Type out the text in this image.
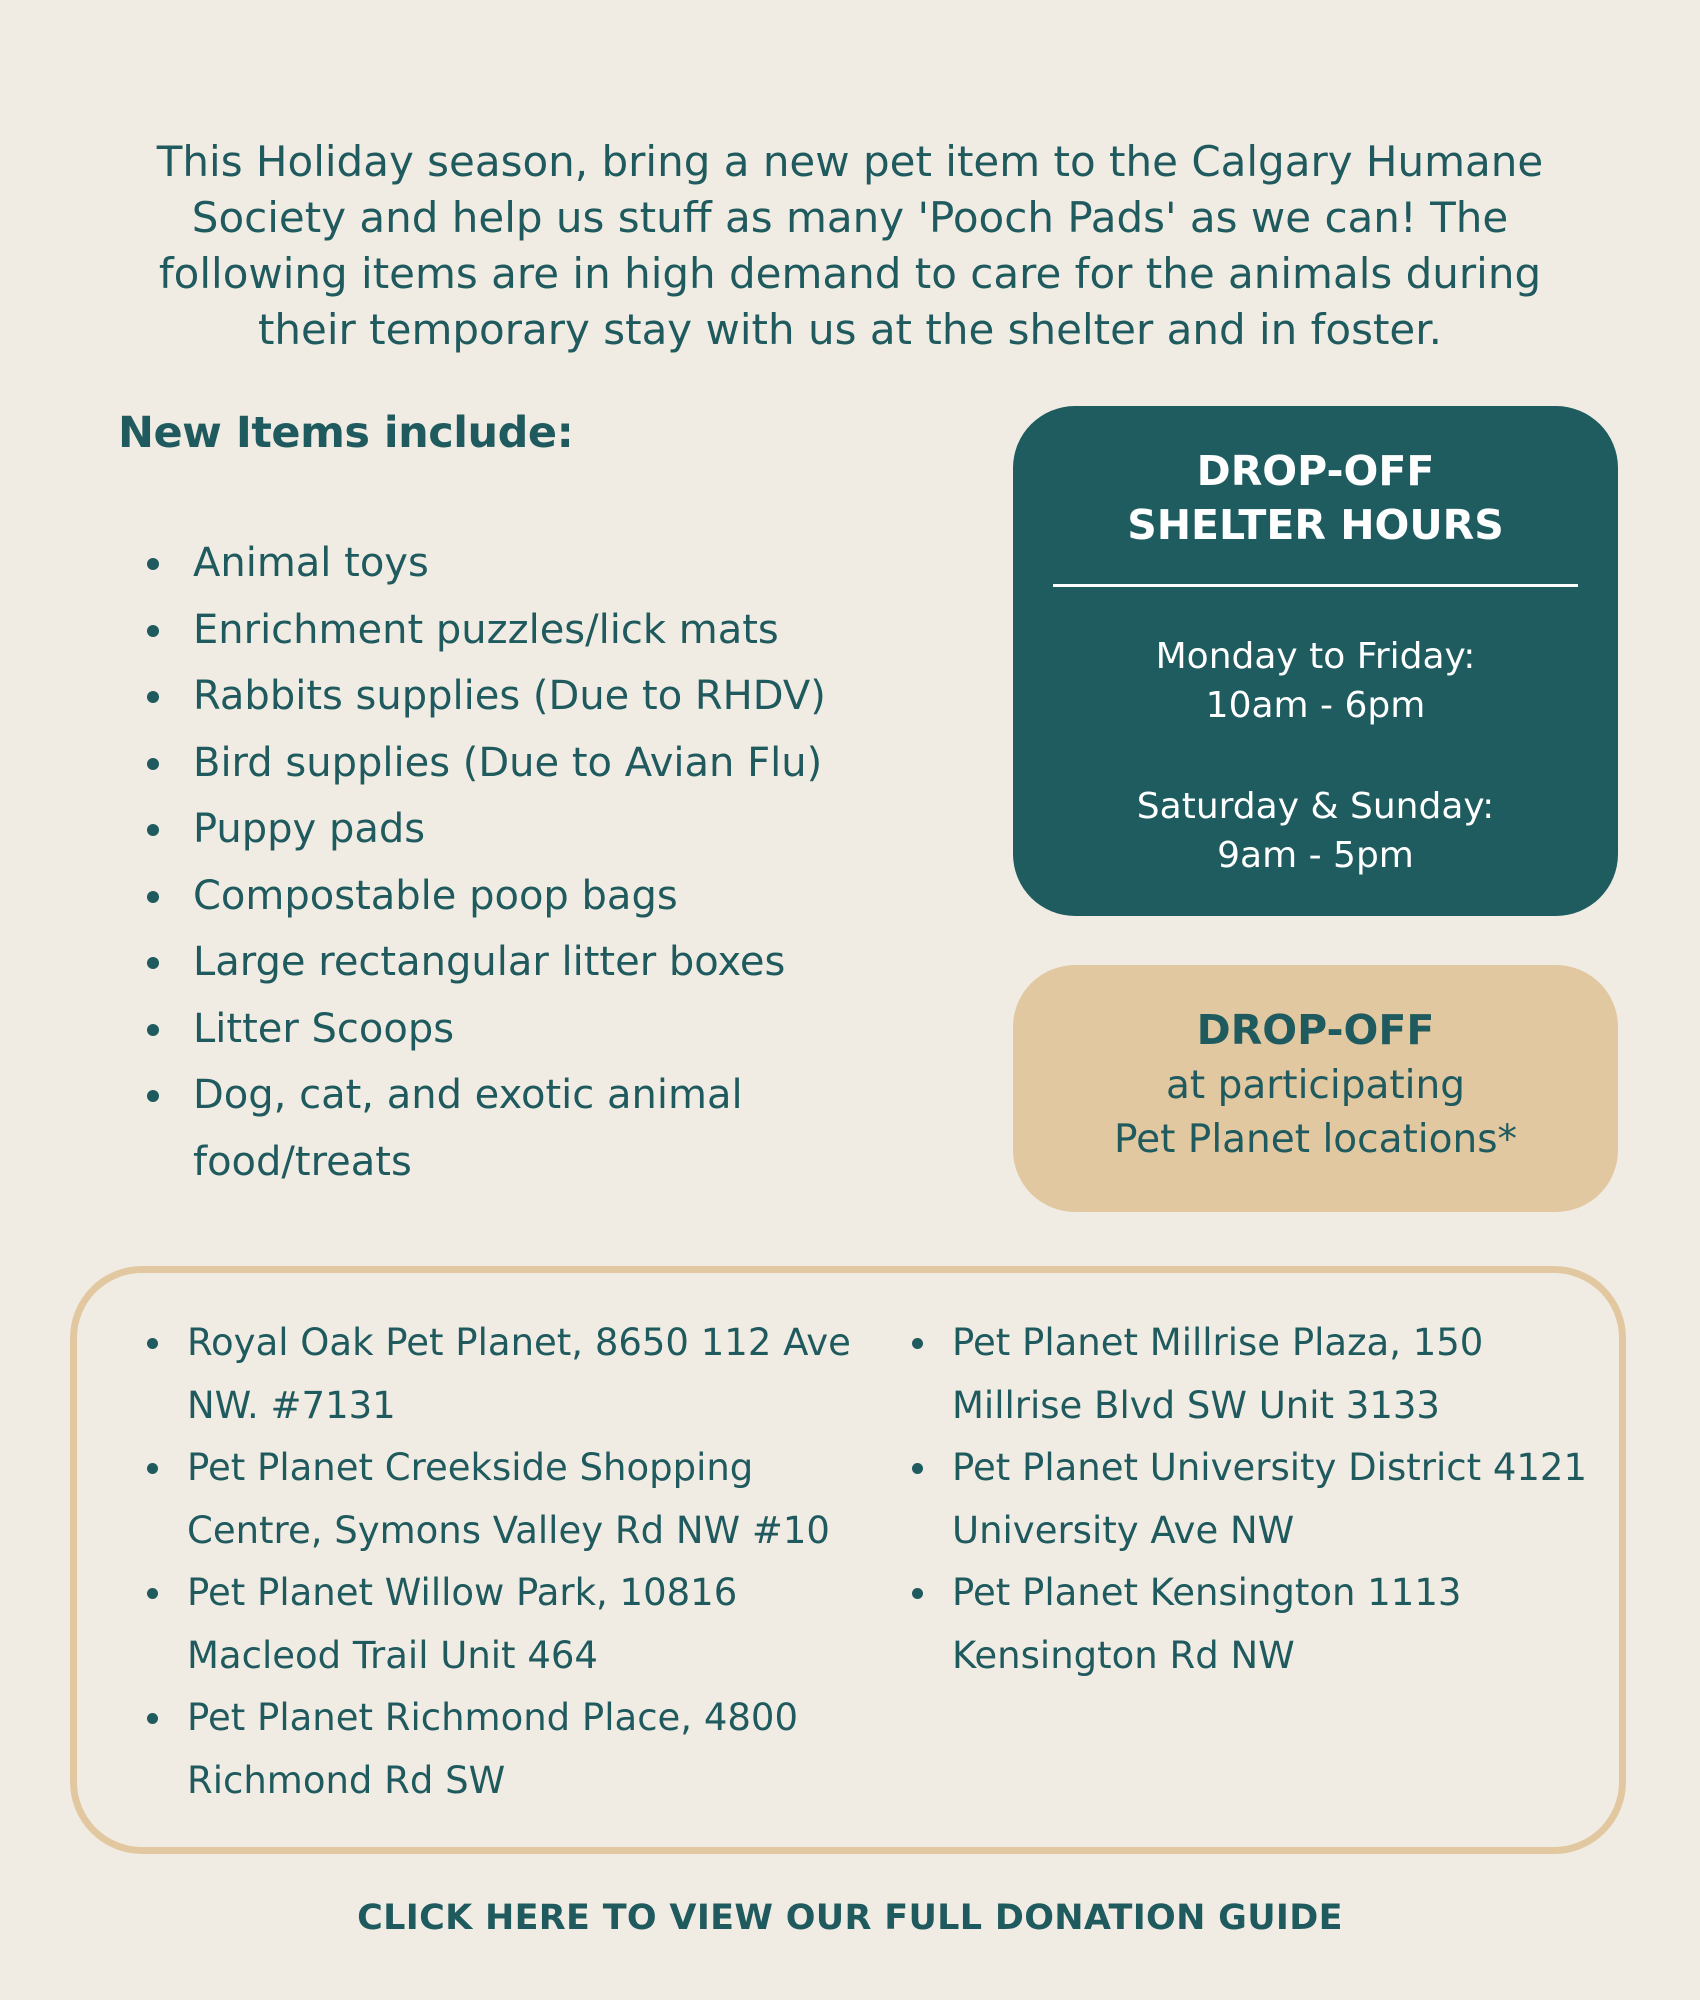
This Holiday season, bring a new pet item to the Calgary Humane Society and help us stuff as many 'Pooch Pads' as we can! The following items are in high demand to care for the animals during their temporary stay with us at the shelter and in foster.

New Items include:
Animal toys
Enrichment puzzles/lick mats
Rabbits supplies (Due to RHDV)
Bird supplies (Due to Avian Flu)
Puppy pads
Compostable poop bags
Large rectangular litter boxes
Litter Scoops
Dog, cat, and exotic animal food/treats
DROP-OFF
SHELTER HOURS
Monday to Friday:
10am - 6pm
Saturday & Sunday:
9am - 5pm
DROP-OFF
at participating
Pet Planet locations*
Royal Oak Pet Planet, 8650 112 Ave NW. #7131
Pet Planet Creekside Shopping Centre, Symons Valley Rd NW #10
Pet Planet Willow Park, 10816 Macleod Trail Unit 464
Pet Planet Richmond Place, 4800 Richmond Rd SW
Pet Planet Millrise Plaza, 150 Millrise Blvd SW Unit 3133
Pet Planet University District 4121 University Ave NW
Pet Planet Kensington 1113 Kensington Rd NW
CLICK HERE TO VIEW OUR FULL DONATION GUIDE
